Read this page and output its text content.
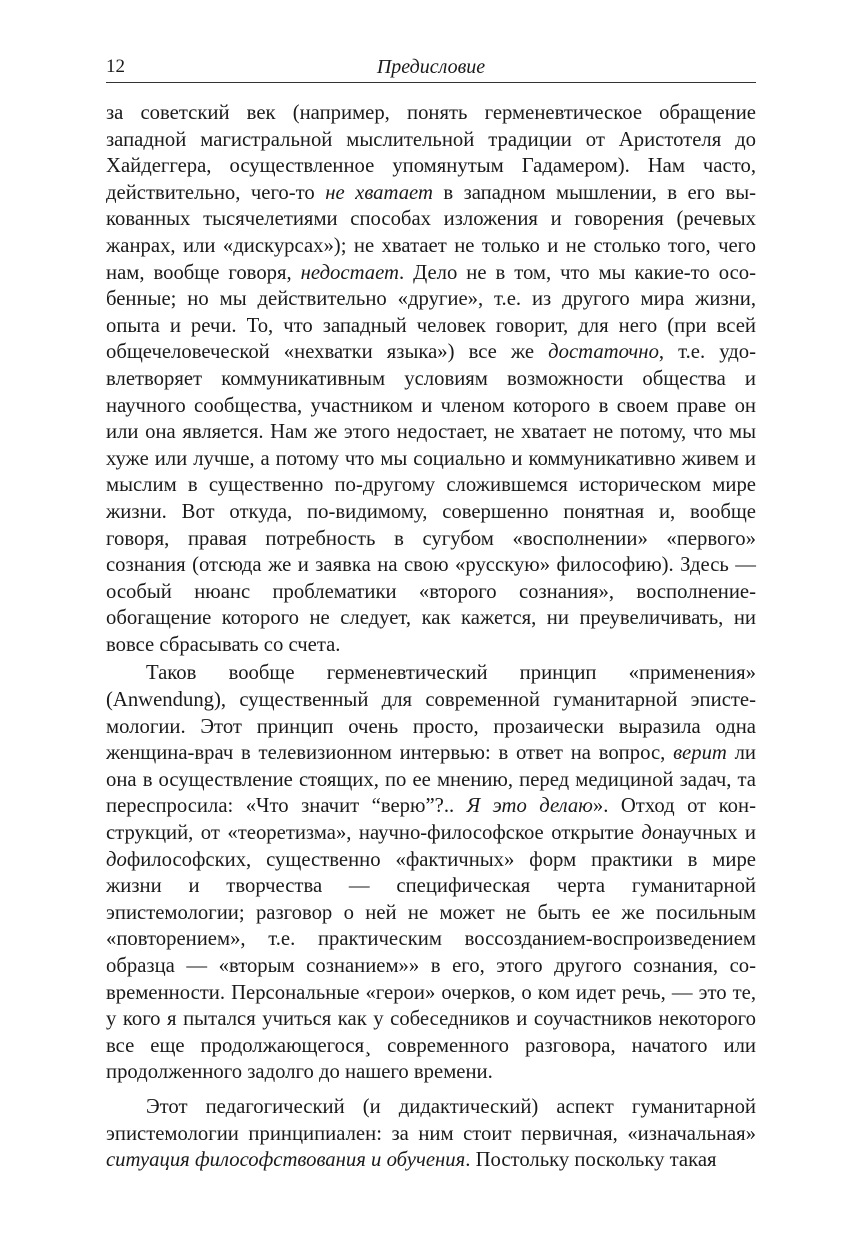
12	Предисловие

за советский век (например, понять герменевтическое обращение западной магистральной мыслительной традиции от Аристотеля до Хайдеггера, осуществленное упомянутым Гадамером). Нам часто, действительно, чего-то не хватает в западном мышлении, в его выкованных тысячелетиями способах изложения и говорения (речевых жанрах, или «дискурсах»); не хватает не только и не столько того, чего нам, вообще говоря, недостает. Дело не в том, что мы какие-то особенные; но мы действительно «другие», т.е. из другого мира жизни, опыта и речи. То, что западный человек говорит, для него (при всей общечеловеческой «нехватки языка») все же достаточно, т.е. удовлетворяет коммуникативным условиям возможности общества и научного сообщества, участником и членом которого в своем праве он или она является. Нам же этого недостает, не хватает не потому, что мы хуже или лучше, а потому что мы социально и коммуникативно живем и мыслим в существенно по-другому сложившемся историческом мире жизни. Вот откуда, по-видимому, совершенно понятная и, вообще говоря, правая потребность в сугубом «восполнении» «первого» сознания (отсюда же и заявка на свою «русскую» философию). Здесь — особый нюанс проблематики «второго сознания», восполнение-обогащение которого не следует, как кажется, ни преувеличивать, ни вовсе сбрасывать со счета.

Таков вообще герменевтический принцип «применения» (Anwendung), существенный для современной гуманитарной эпистемологии. Этот принцип очень просто, прозаически выразила одна женщина-врач в телевизионном интервью: в ответ на вопрос, верит ли она в осуществление стоящих, по ее мнению, перед медициной задач, та переспросила: «Что значит “верю”?.. Я это делаю». Отход от конструкций, от «теоретизма», научно-философское открытие донаучных и дофилософских, существенно «фактичных» форм практики в мире жизни и творчества — специфическая черта гуманитарной эпистемологии; разговор о ней не может не быть ее же посильным «повторением», т.е. практическим воссозданием-воспроизведением образца — «вторым сознанием»» в его, этого другого сознания, современности. Персональные «герои» очерков, о ком идет речь, — это те, у кого я пытался учиться как у собеседников и соучастников некоторого все еще продолжающегося¸ современного разговора, начатого или продолженного задолго до нашего времени.

Этот педагогический (и дидактический) аспект гуманитарной эпистемологии принципиален: за ним стоит первичная, «изначальная» ситуация философствования и обучения. Постольку поскольку такая
